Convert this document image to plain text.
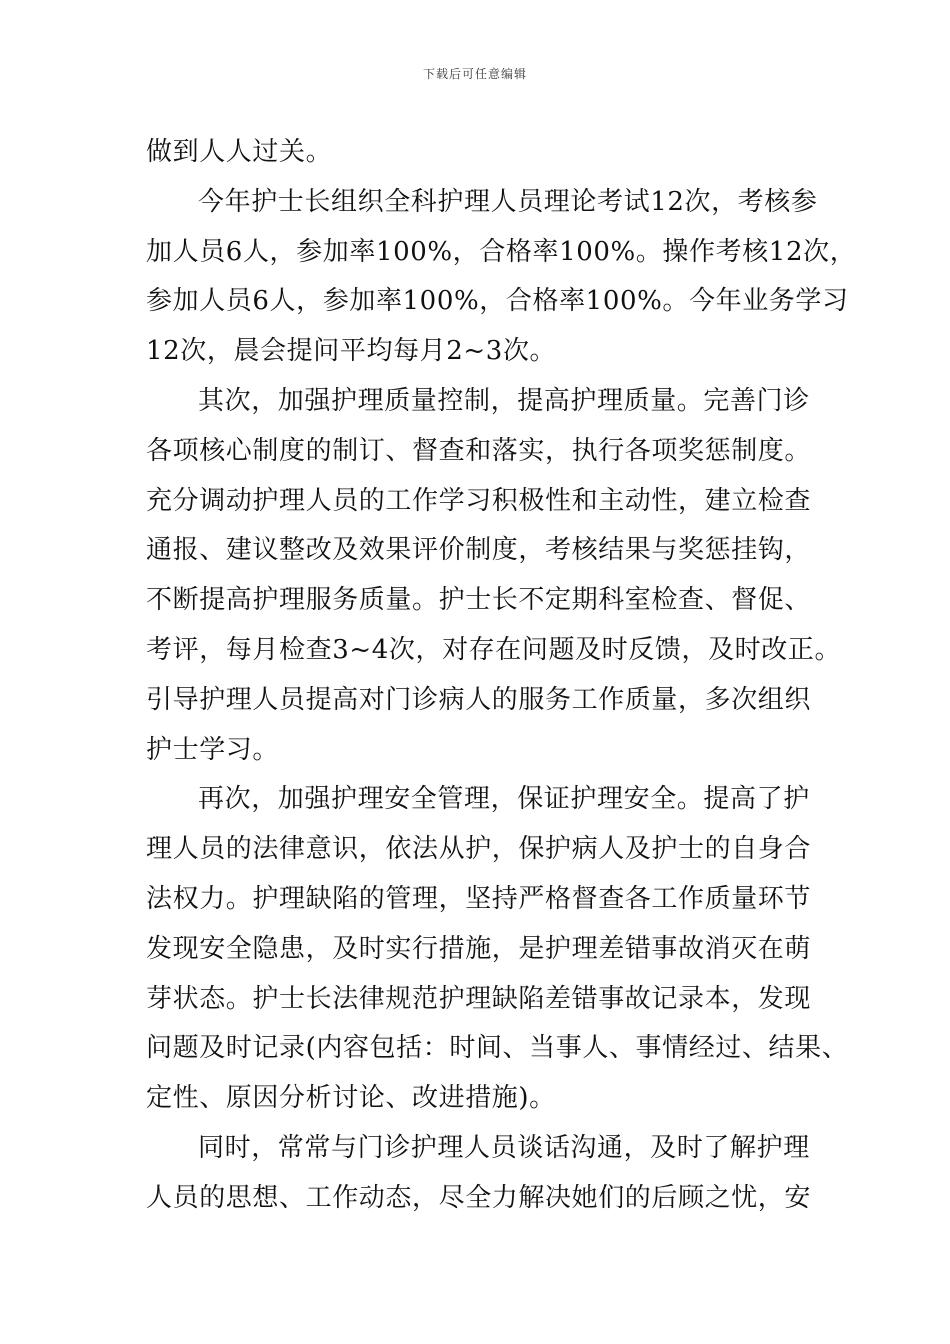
下载后可任意编辑
做到人人过关。
今年护士长组织全科护理人员理论考试12次，考核参
加人员6人，参加率100%，合格率100%。操作考核12次，
参加人员6人，参加率100%，合格率100%。今年业务学习
12次，晨会提问平均每月2~3次。
其次，加强护理质量控制，提高护理质量。完善门诊
各项核心制度的制订、督查和落实，执行各项奖惩制度。
充分调动护理人员的工作学习积极性和主动性，建立检查
通报、建议整改及效果评价制度，考核结果与奖惩挂钩，
不断提高护理服务质量。护士长不定期科室检查、督促、
考评，每月检查3~4次，对存在问题及时反馈，及时改正。
引导护理人员提高对门诊病人的服务工作质量，多次组织
护士学习。
再次，加强护理安全管理，保证护理安全。提高了护
理人员的法律意识，依法从护，保护病人及护士的自身合
法权力。护理缺陷的管理，坚持严格督查各工作质量环节
发现安全隐患，及时实行措施，是护理差错事故消灭在萌
芽状态。护士长法律规范护理缺陷差错事故记录本，发现
问题及时记录(内容包括：时间、当事人、事情经过、结果、
定性、原因分析讨论、改进措施)。
同时，常常与门诊护理人员谈话沟通，及时了解护理
人员的思想、工作动态，尽全力解决她们的后顾之忧，安
